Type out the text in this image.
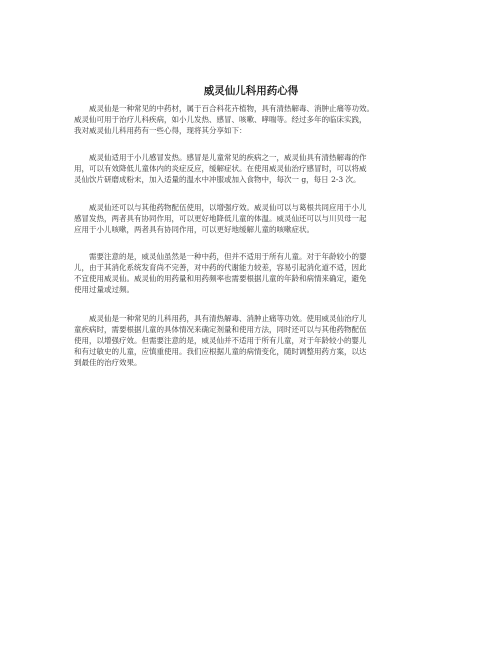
威灵仙儿科用药心得
威灵仙是一种常见的中药材，属于百合科花卉植物，具有清热解毒、消肿止痛等功效。
威灵仙可用于治疗儿科疾病，如小儿发热、感冒、咳嗽、哮喘等。经过多年的临床实践，
我对威灵仙儿科用药有一些心得，现将其分享如下：
威灵仙适用于小儿感冒发热。感冒是儿童常见的疾病之一，威灵仙具有清热解毒的作
用，可以有效降低儿童体内的炎症反应，缓解症状。在使用威灵仙治疗感冒时，可以将威
灵仙饮片研磨成粉末，加入适量的温水中冲服或加入食物中，每次一 g，每日 2-3 次。
威灵仙还可以与其他药物配伍使用，以增强疗效。威灵仙可以与葛根共同应用于小儿
感冒发热，两者具有协同作用，可以更好地降低儿童的体温。威灵仙还可以与川贝母一起
应用于小儿咳嗽，两者具有协同作用，可以更好地缓解儿童的咳嗽症状。
需要注意的是，威灵仙虽然是一种中药，但并不适用于所有儿童。对于年龄较小的婴
儿，由于其消化系统发育尚不完善，对中药的代谢能力较差，容易引起消化道不适，因此
不宜使用威灵仙。威灵仙的用药量和用药频率也需要根据儿童的年龄和病情来确定，避免
使用过量或过频。
威灵仙是一种常见的儿科用药，具有清热解毒、消肿止痛等功效。使用威灵仙治疗儿
童疾病时，需要根据儿童的具体情况来确定剂量和使用方法，同时还可以与其他药物配伍
使用，以增强疗效。但需要注意的是，威灵仙并不适用于所有儿童，对于年龄较小的婴儿
和有过敏史的儿童，应慎重使用。我们应根据儿童的病情变化，随时调整用药方案，以达
到最佳的治疗效果。
